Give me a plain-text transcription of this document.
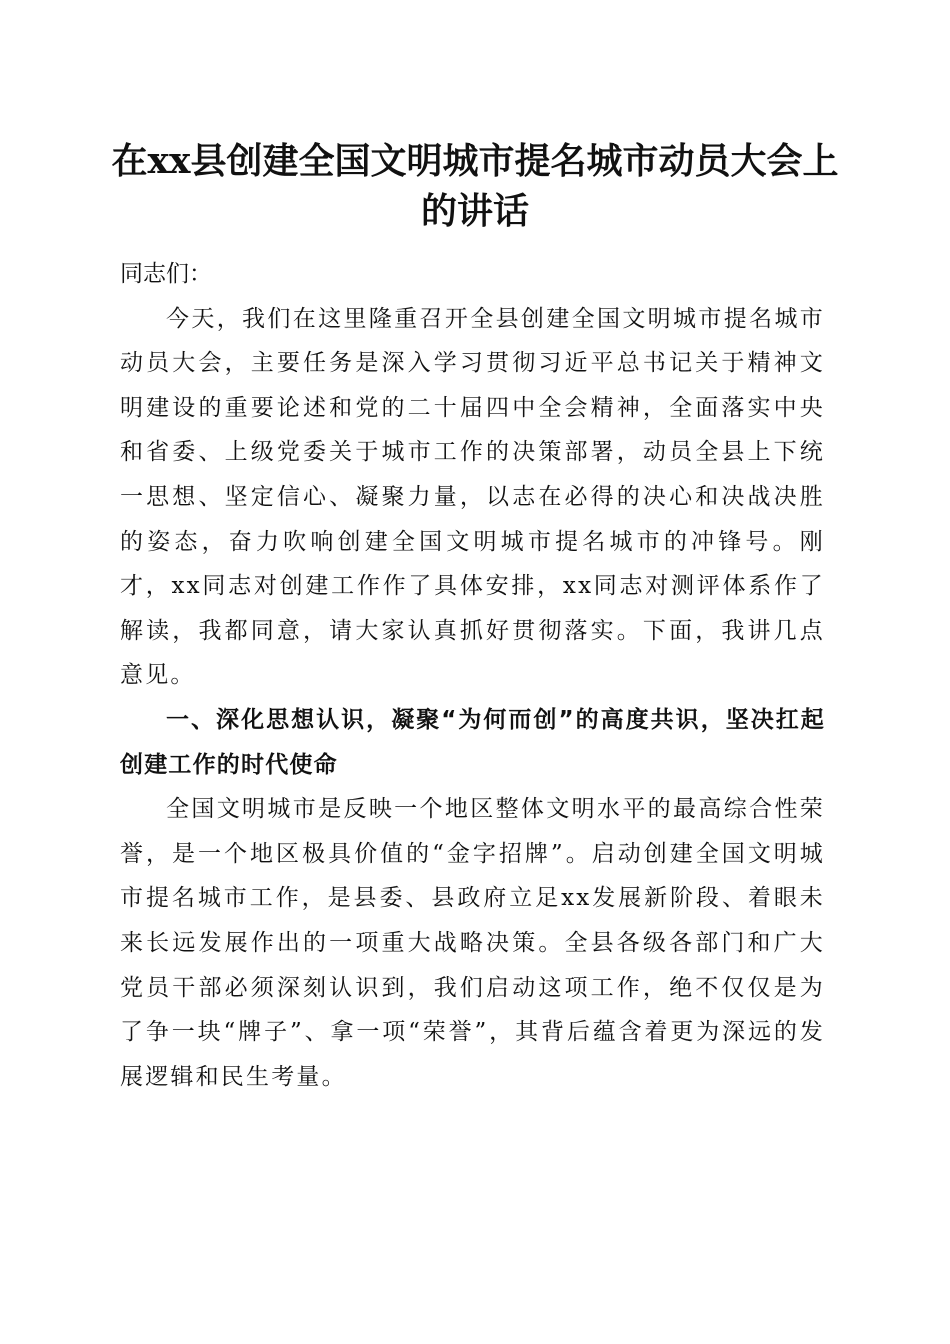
在xx县创建全国文明城市提名城市动员大会上的讲话

同志们：

今天，我们在这里隆重召开全县创建全国文明城市提名城市动员大会，主要任务是深入学习贯彻习近平总书记关于精神文明建设的重要论述和党的二十届四中全会精神，全面落实中央和省委、上级党委关于城市工作的决策部署，动员全县上下统一思想、坚定信心、凝聚力量，以志在必得的决心和决战决胜的姿态，奋力吹响创建全国文明城市提名城市的冲锋号。刚才，xx同志对创建工作作了具体安排，xx同志对测评体系作了解读，我都同意，请大家认真抓好贯彻落实。下面，我讲几点意见。

一、深化思想认识，凝聚“为何而创”的高度共识，坚决扛起创建工作的时代使命

全国文明城市是反映一个地区整体文明水平的最高综合性荣誉，是一个地区极具价值的“金字招牌”。启动创建全国文明城市提名城市工作，是县委、县政府立足xx发展新阶段、着眼未来长远发展作出的一项重大战略决策。全县各级各部门和广大党员干部必须深刻认识到，我们启动这项工作，绝不仅仅是为了争一块“牌子”、拿一项“荣誉”，其背后蕴含着更为深远的发展逻辑和民生考量。
